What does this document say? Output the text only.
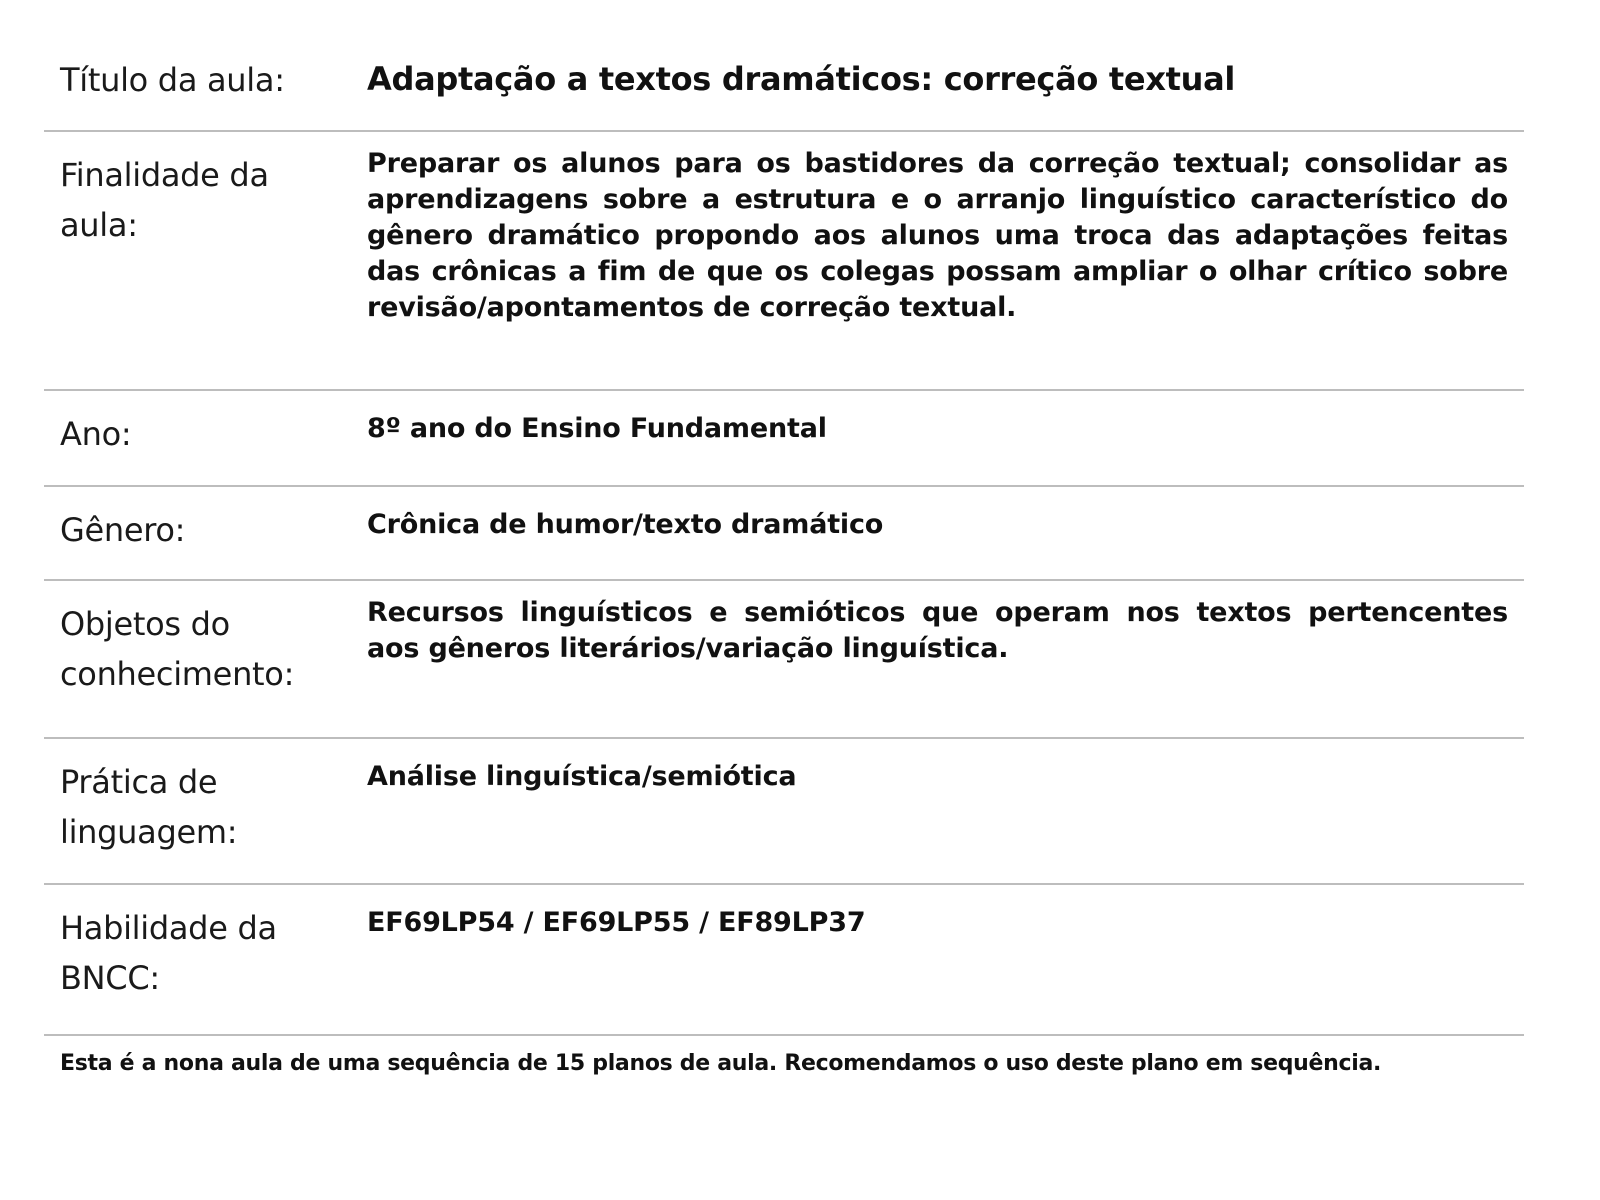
Título da aula:	Adaptação a textos dramáticos: correção textual
Finalidade da aula:
Preparar os alunos para os bastidores da correção textual; consolidar as aprendizagens sobre a estrutura e o arranjo linguístico característico do gênero dramático propondo aos alunos uma troca das adaptações feitas das crônicas a fim de que os colegas possam ampliar o olhar crítico sobre revisão/apontamentos de correção textual.
Ano:	8º ano do Ensino Fundamental
Gênero:	Crônica de humor/texto dramático
Objetos do conhecimento:
Recursos linguísticos e semióticos que operam nos textos pertencentes aos gêneros literários/variação linguística.
Prática de linguagem:
Análise linguística/semiótica
Habilidade da BNCC:
EF69LP54 / EF69LP55 / EF89LP37
Esta é a nona aula de uma sequência de 15 planos de aula. Recomendamos o uso deste plano em sequência.
